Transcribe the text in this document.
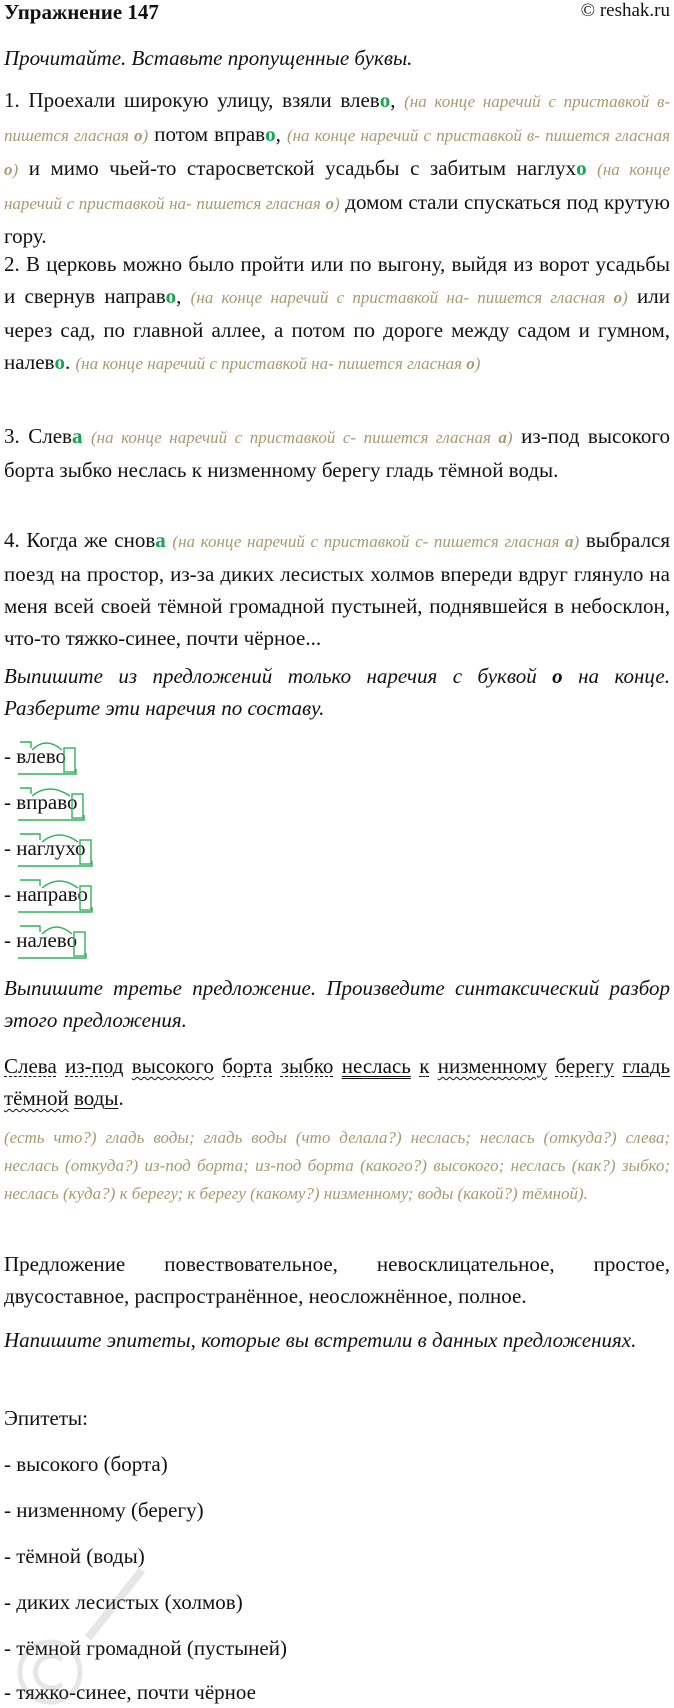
Упражнение 147	© reshak.ru
Прочитайте. Вставьте пропущенные буквы.
1. Проехали широкую улицу, взяли влево, (на конце наречий с приставкой в- пишется гласная о) потом вправо, (на конце наречий с приставкой в- пишется гласная о) и мимо чьей-то старосветской усадьбы с забитым наглухо (на конце наречий с приставкой на- пишется гласная о) домом стали спускаться под крутую гору.
2. В церковь можно было пройти или по выгону, выйдя из ворот усадьбы и свернув направо, (на конце наречий с приставкой на- пишется гласная о) или через сад, по главной аллее, а потом по дороге между садом и гумном, налево. (на конце наречий с приставкой на- пишется гласная о)
3. Слева (на конце наречий с приставкой с- пишется гласная а) из-под высокого борта зыбко неслась к низменному берегу гладь тёмной воды.
4. Когда же снова (на конце наречий с приставкой с- пишется гласная а) выбрался поезд на простор, из-за диких лесистых холмов впереди вдруг глянуло на меня всей своей тёмной громадной пустыней, поднявшейся в небосклон, что-то тяжко-синее, почти чёрное...
Выпишите из предложений только наречия с буквой о на конце. Разберите эти наречия по составу.
- влево
- вправо
- наглухо
- направо
- налево
Выпишите третье предложение. Произведите синтаксический разбор этого предложения.
Слева из-под высокого борта зыбко неслась к низменному берегу гладь тёмной воды.
(есть что?) гладь воды; гладь воды (что делала?) неслась; неслась (откуда?) слева; неслась (откуда?) из-под борта; из-под борта (какого?) высокого; неслась (как?) зыбко; неслась (куда?) к берегу; к берегу (какому?) низменному; воды (какой?) тёмной).
Предложение повествовательное, невосклицательное, простое, двусоставное, распространённое, неосложнённое, полное.
Напишите эпитеты, которые вы встретили в данных предложениях.
Эпитеты:
- высокого (борта)
- низменному (берегу)
- тёмной (воды)
- диких лесистых (холмов)
- тёмной громадной (пустыней)
- тяжко-синее, почти чёрное
